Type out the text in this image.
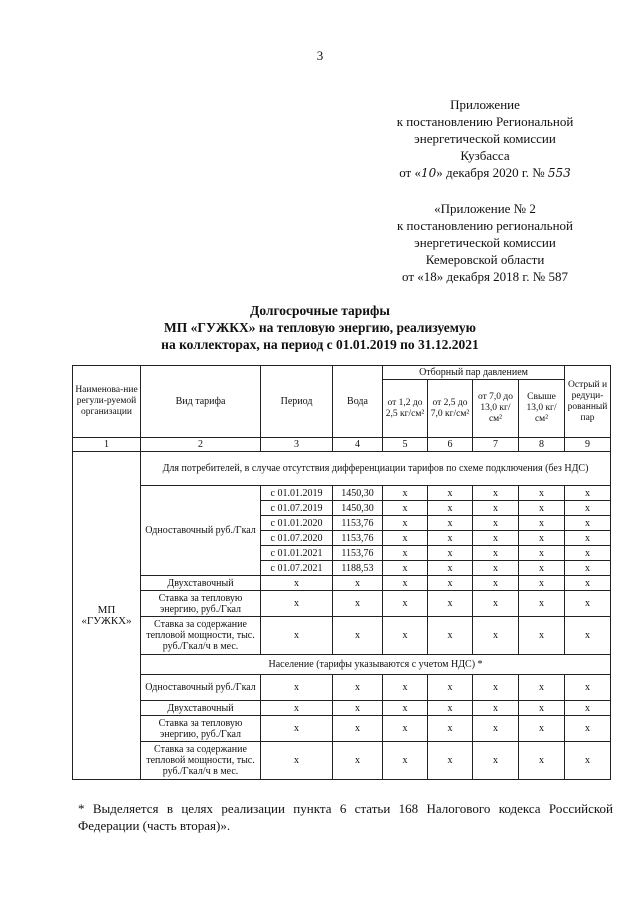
3
Приложение
к постановлению Региональной
энергетической комиссии
Кузбасса
от «10» декабря 2020 г. № 553
«Приложение № 2
к постановлению региональной
энергетической комиссии
Кемеровской области
от «18» декабря 2018 г. № 587
Долгосрочные тарифы
МП «ГУЖКХ» на тепловую энергию, реализуемую
на коллекторах, на период с 01.01.2019 по 31.12.2021
Наименова-ние регули-руемой организации	Вид тарифа	Период	Вода	Отборный пар давлением				Острый и редуци-рованный пар
				от 1,2 до 2,5 кг/см²	от 2,5 до 7,0 кг/см²	от 7,0 до 13,0 кг/см²	Свыше 13,0 кг/см²	
1	2	3	4	5	6	7	8	9
МП «ГУЖКХ»	Для потребителей, в случае отсутствия дифференциации тарифов по схеме подключения (без НДС)							
	Одноставочный руб./Гкал	с 01.01.2019	1450,30	x	x	x	x	x
		с 01.07.2019	1450,30	x	x	x	x	x
		с 01.01.2020	1153,76	x	x	x	x	x
		с 01.07.2020	1153,76	x	x	x	x	x
		с 01.01.2021	1153,76	x	x	x	x	x
		с 01.07.2021	1188,53	x	x	x	x	x
	Двухставочный	x	x	x	x	x	x	x
	Ставка за тепловую энергию, руб./Гкал	x	x	x	x	x	x	x
	Ставка за содержание тепловой мощности, тыс. руб./Гкал/ч в мес.	x	x	x	x	x	x	x
	Население (тарифы указываются с учетом НДС) *							
	Одноставочный руб./Гкал	x	x	x	x	x	x	x
	Двухставочный	x	x	x	x	x	x	x
	Ставка за тепловую энергию, руб./Гкал	x	x	x	x	x	x	x
	Ставка за содержание тепловой мощности, тыс. руб./Гкал/ч в мес.	x	x	x	x	x	x	x
* Выделяется в целях реализации пункта 6 статьи 168 Налогового кодекса Российской Федерации (часть вторая)».
